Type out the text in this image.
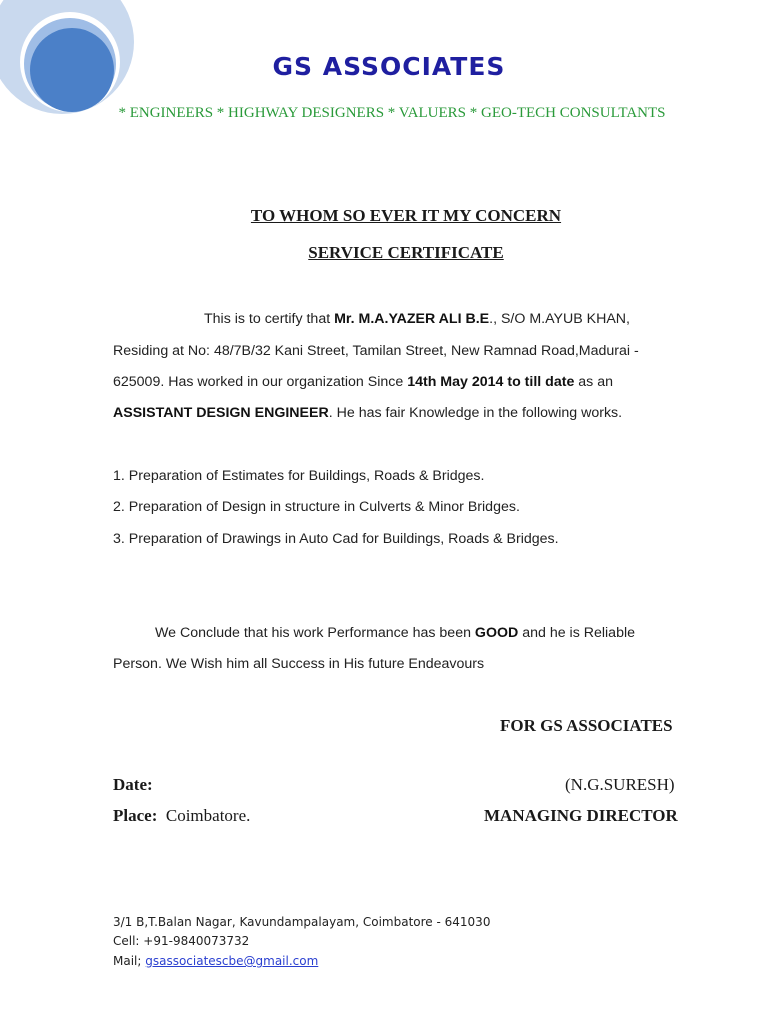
GS ASSOCIATES

* ENGINEERS * HIGHWAY DESIGNERS * VALUERS * GEO-TECH CONSULTANTS

TO WHOM SO EVER IT MY CONCERN

SERVICE CERTIFICATE

This is to certify that Mr. M.A.YAZER ALI B.E., S/O M.AYUB KHAN,

Residing at No: 48/7B/32 Kani Street, Tamilan Street, New Ramnad Road,Madurai -

625009. Has worked in our organization Since 14th May 2014 to till date as an

ASSISTANT DESIGN ENGINEER. He has fair Knowledge in the following works.

1. Preparation of Estimates for Buildings, Roads & Bridges.

2. Preparation of Design in structure in Culverts & Minor Bridges.

3. Preparation of Drawings in Auto Cad for Buildings, Roads & Bridges.

We Conclude that his work Performance has been GOOD and he is Reliable

Person. We Wish him all Success in His future Endeavours

FOR GS ASSOCIATES

Date:	(N.G.SURESH)

Place: Coimbatore.	MANAGING DIRECTOR

3/1 B,T.Balan Nagar, Kavundampalayam, Coimbatore - 641030

Cell: +91-9840073732

Mail; gsassociatescbe@gmail.com
